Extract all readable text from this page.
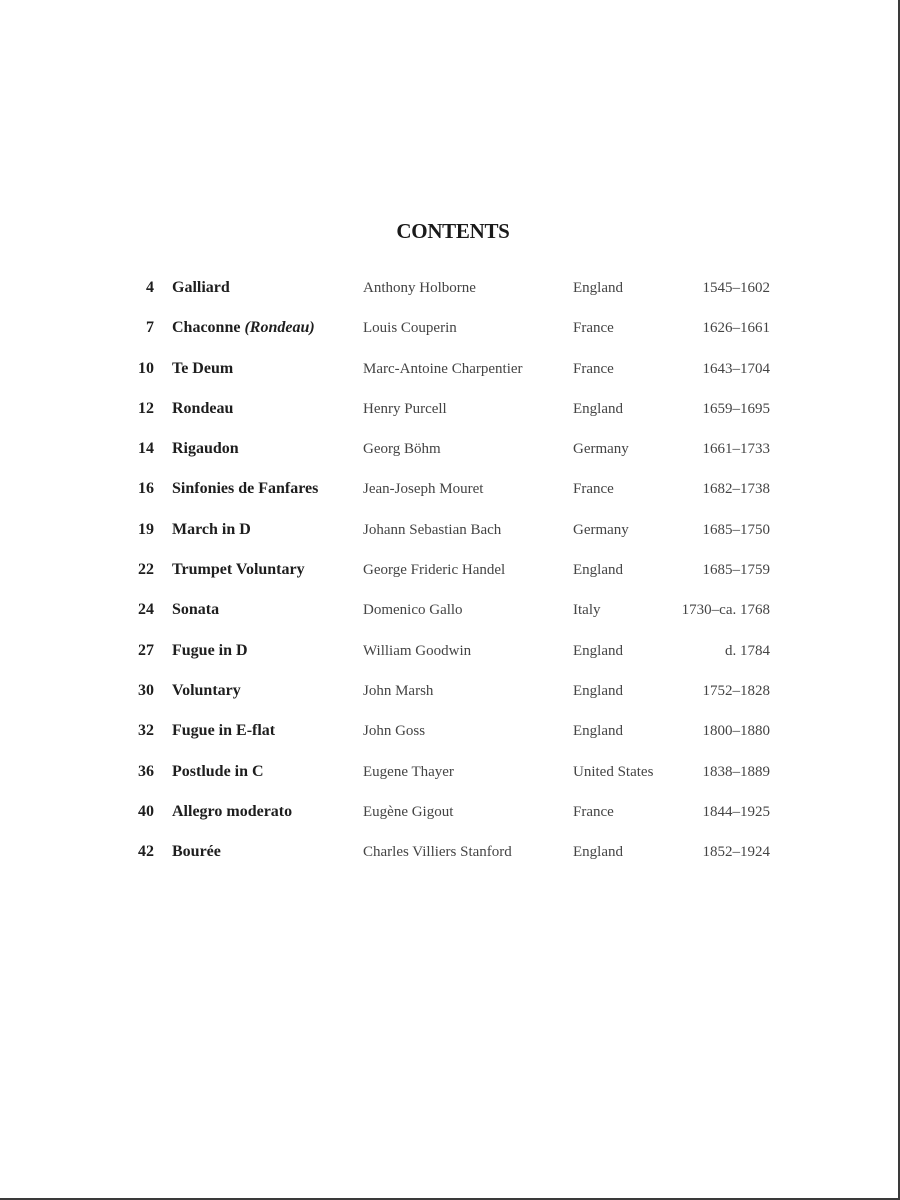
CONTENTS
4 Galliard	Anthony Holborne	England	1545–1602
7 Chaconne (Rondeau)	Louis Couperin	France	1626–1661
10 Te Deum	Marc-Antoine Charpentier	France	1643–1704
12 Rondeau	Henry Purcell	England	1659–1695
14 Rigaudon	Georg Böhm	Germany	1661–1733
16 Sinfonies de Fanfares	Jean-Joseph Mouret	France	1682–1738
19 March in D	Johann Sebastian Bach	Germany	1685–1750
22 Trumpet Voluntary	George Frideric Handel	England	1685–1759
24 Sonata	Domenico Gallo	Italy	1730–ca. 1768
27 Fugue in D	William Goodwin	England	d. 1784
30 Voluntary	John Marsh	England	1752–1828
32 Fugue in E-flat	John Goss	England	1800–1880
36 Postlude in C	Eugene Thayer	United States	1838–1889
40 Allegro moderato	Eugène Gigout	France	1844–1925
42 Bourée	Charles Villiers Stanford	England	1852–1924
